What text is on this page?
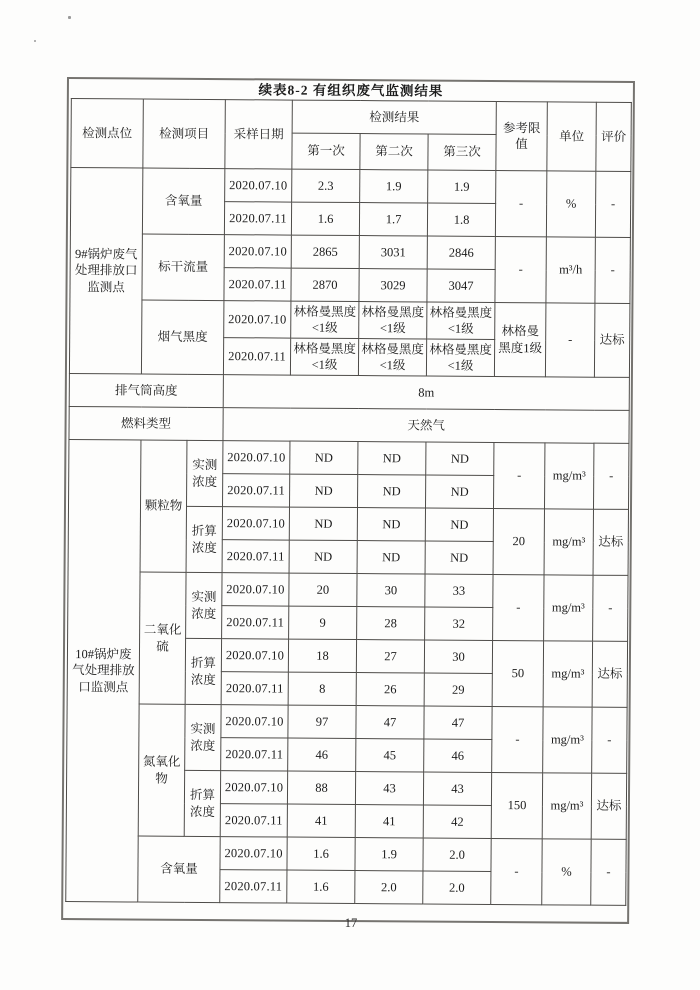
续表8-2 有组织废气监测结果
检测点位	检测项目		采样日期	检测结果			参考限值	单位	评价
				第一次	第二次	第三次			
9#锅炉废气处理排放口监测点	含氧量		2020.07.10	2.3	1.9	1.9	-	%	-
			2020.07.11	1.6	1.7	1.8			
	标干流量		2020.07.10	2865	3031	2846	-	m³/h	-
			2020.07.11	2870	3029	3047			
	烟气黑度		2020.07.10	林格曼黑度<1级	林格曼黑度<1级	林格曼黑度<1级	林格曼黑度1级	-	达标
			2020.07.11	林格曼黑度<1级	林格曼黑度<1级	林格曼黑度<1级			
排气筒高度			8m						
燃料类型			天然气						
10#锅炉废气处理排放口监测点	颗粒物	实测浓度	2020.07.10	ND	ND	ND	-	mg/m³	-
			2020.07.11	ND	ND	ND			
		折算浓度	2020.07.10	ND	ND	ND	20	mg/m³	达标
			2020.07.11	ND	ND	ND			
	二氧化硫	实测浓度	2020.07.10	20	30	33	-	mg/m³	-
			2020.07.11	9	28	32			
		折算浓度	2020.07.10	18	27	30	50	mg/m³	达标
			2020.07.11	8	26	29			
	氮氧化物	实测浓度	2020.07.10	97	47	47	-	mg/m³	-
			2020.07.11	46	45	46			
		折算浓度	2020.07.10	88	43	43	150	mg/m³	达标
			2020.07.11	41	41	42			
	含氧量		2020.07.10	1.6	1.9	2.0	-	%	-
			2020.07.11	1.6	2.0	2.0			
17
